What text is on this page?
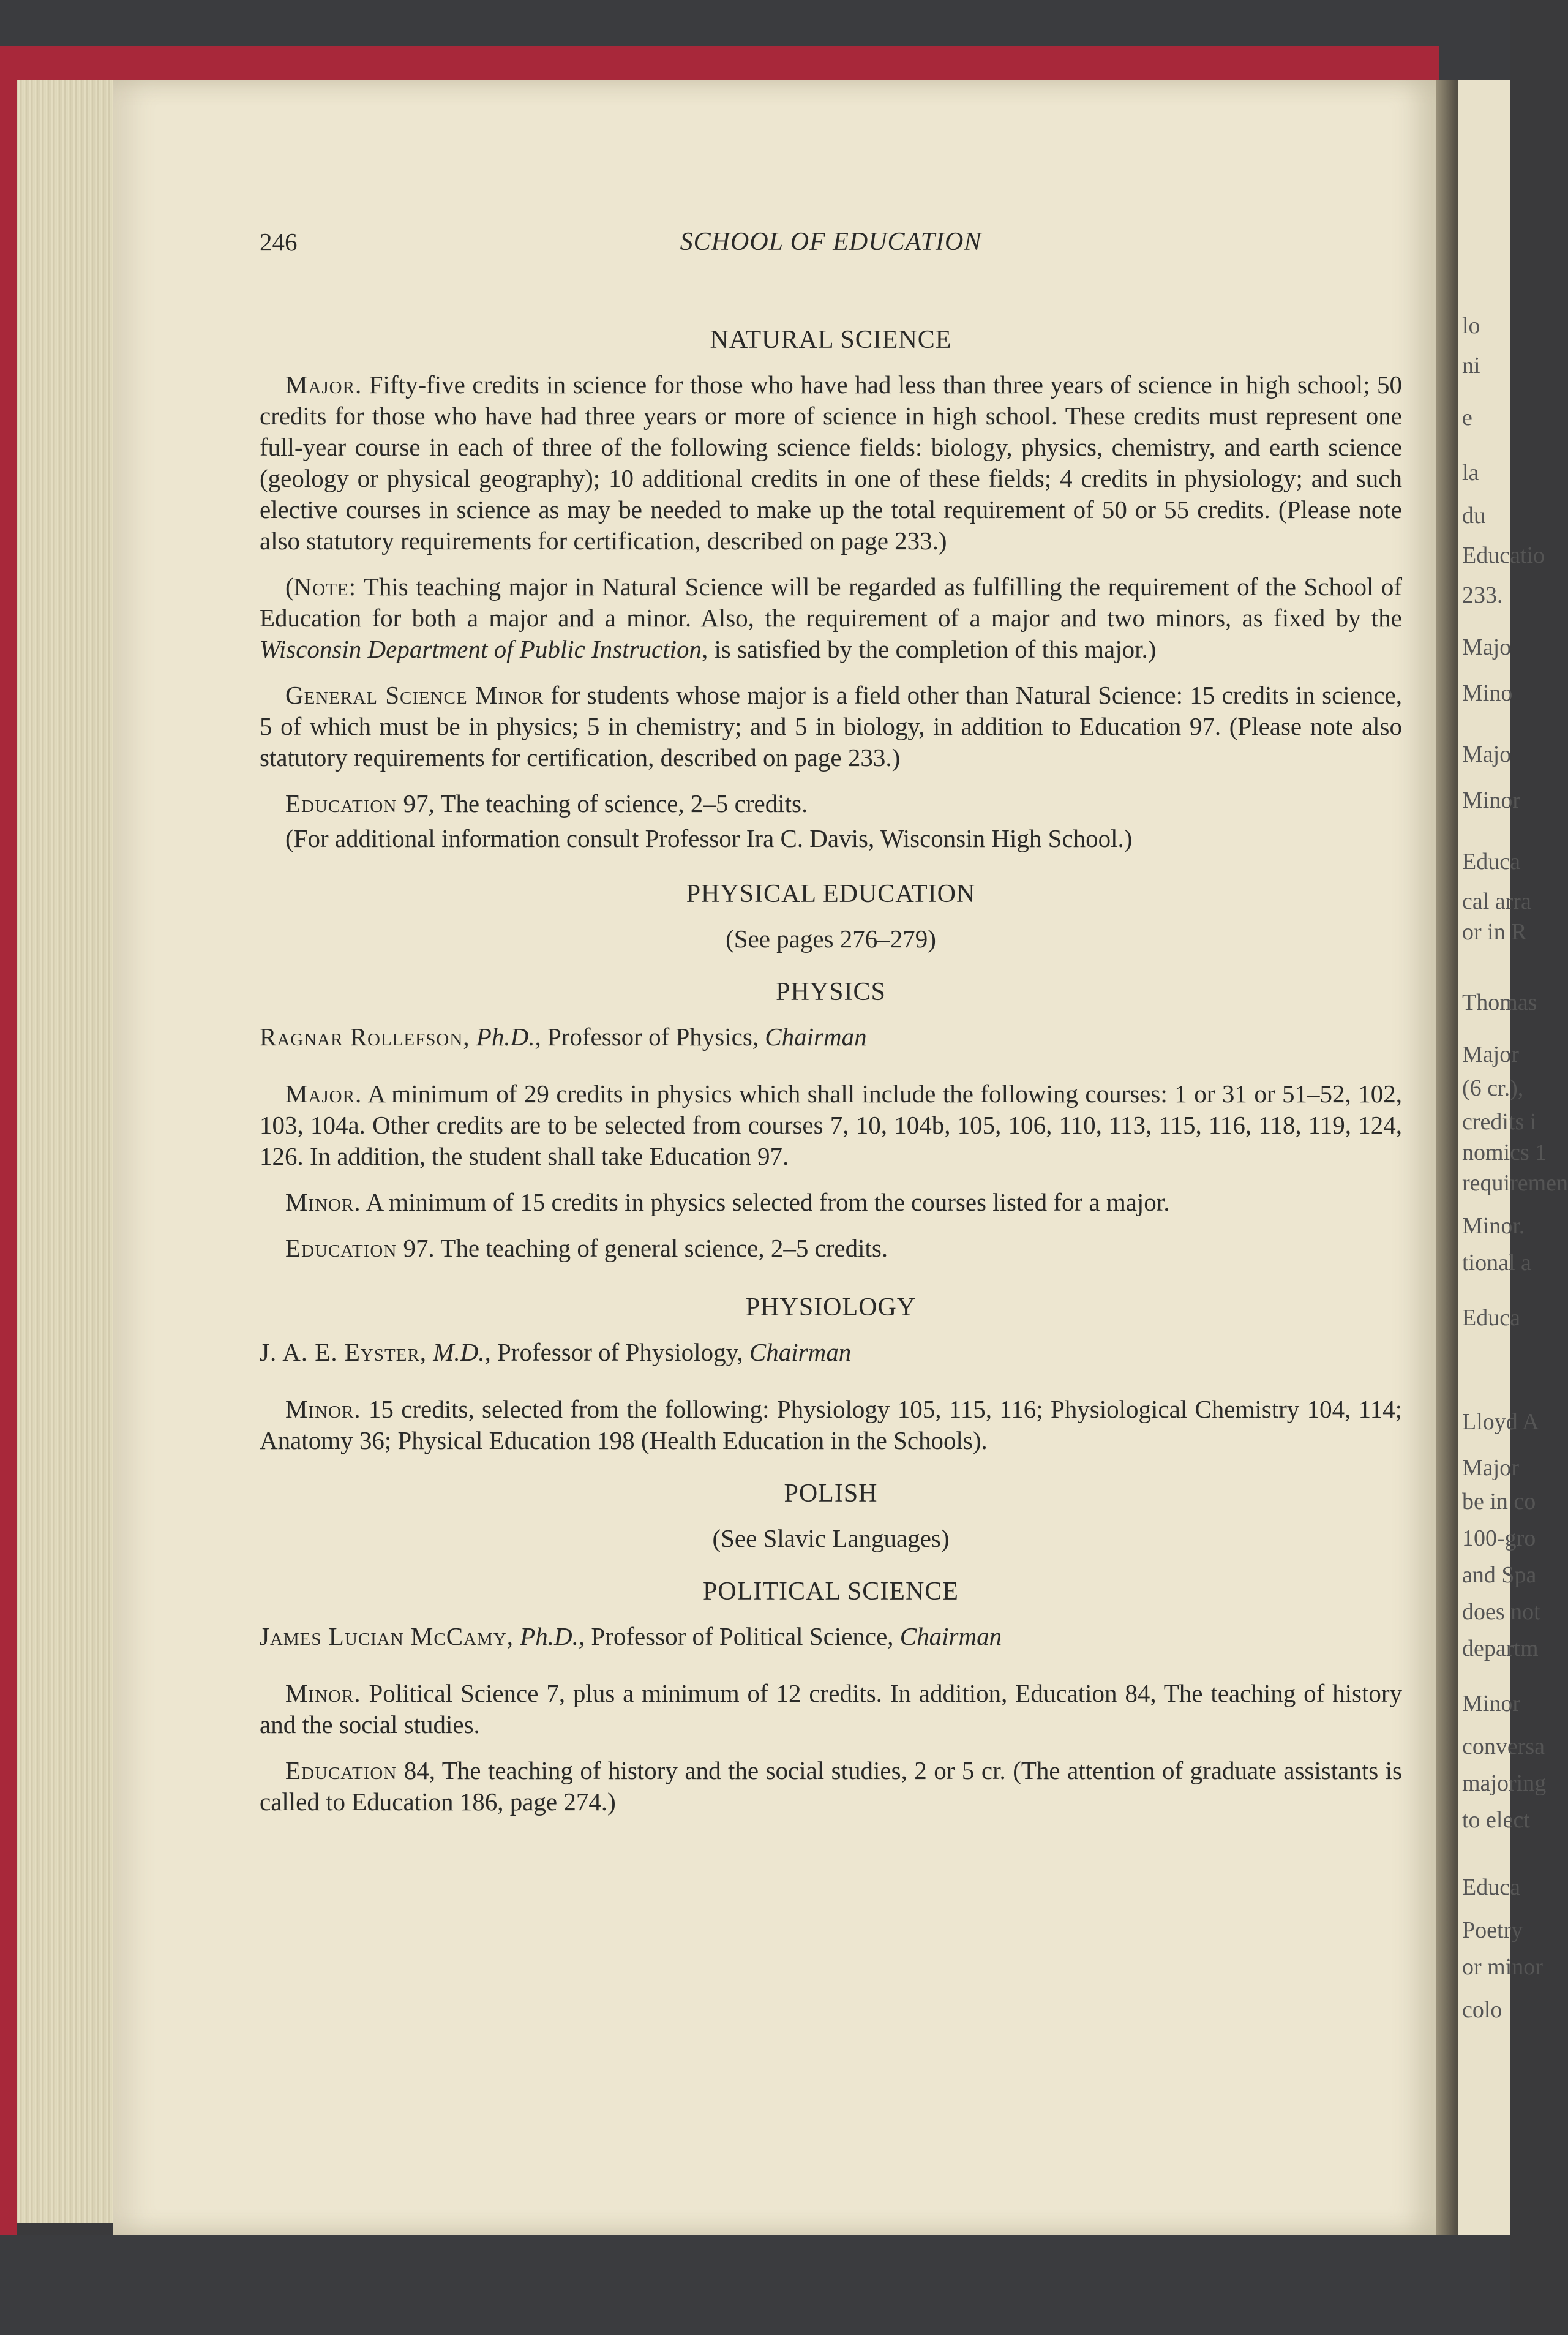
lo
ni
e
la
du
Educatio
233.
Majo
Mino
Majo
Minor
Educa
cal arra
or in R
Thomas
Major
(6 cr.),
credits i
nomics 1
requiremen
Minor.
tional a
Educa
Lloyd A
Major
be in co
100-gro
and Spa
does not
departm
Minor
conversa
majoring
to elect
Educa
Poetry
or minor
colo
246	SCHOOL OF EDUCATION
NATURAL SCIENCE

Major. Fifty-five credits in science for those who have had less than three years of science in high school; 50 credits for those who have had three years or more of science in high school. These credits must represent one full-year course in each of three of the following science fields: biology, physics, chemistry, and earth science (geology or physical geography); 10 additional credits in one of these fields; 4 credits in physiology; and such elective courses in science as may be needed to make up the total requirement of 50 or 55 credits. (Please note also statutory requirements for certification, described on page 233.)

(Note: This teaching major in Natural Science will be regarded as fulfilling the requirement of the School of Education for both a major and a minor. Also, the requirement of a major and two minors, as fixed by the Wisconsin Department of Public Instruction, is satisfied by the completion of this major.)

General Science Minor for students whose major is a field other than Natural Science: 15 credits in science, 5 of which must be in physics; 5 in chemistry; and 5 in biology, in addition to Education 97. (Please note also statutory requirements for certification, described on page 233.)

Education 97, The teaching of science, 2–5 credits.

(For additional information consult Professor Ira C. Davis, Wisconsin High School.)

PHYSICAL EDUCATION

(See pages 276–279)

PHYSICS

Ragnar Rollefson, Ph.D., Professor of Physics, Chairman

Major. A minimum of 29 credits in physics which shall include the following courses: 1 or 31 or 51–52, 102, 103, 104a. Other credits are to be selected from courses 7, 10, 104b, 105, 106, 110, 113, 115, 116, 118, 119, 124, 126. In addition, the student shall take Education 97.

Minor. A minimum of 15 credits in physics selected from the courses listed for a major.

Education 97. The teaching of general science, 2–5 credits.

PHYSIOLOGY

J. A. E. Eyster, M.D., Professor of Physiology, Chairman

Minor. 15 credits, selected from the following: Physiology 105, 115, 116; Physiological Chemistry 104, 114; Anatomy 36; Physical Education 198 (Health Education in the Schools).

POLISH

(See Slavic Languages)

POLITICAL SCIENCE

James Lucian McCamy, Ph.D., Professor of Political Science, Chairman

Minor. Political Science 7, plus a minimum of 12 credits. In addition, Education 84, The teaching of history and the social studies.

Education 84, The teaching of history and the social studies, 2 or 5 cr. (The attention of graduate assistants is called to Education 186, page 274.)
